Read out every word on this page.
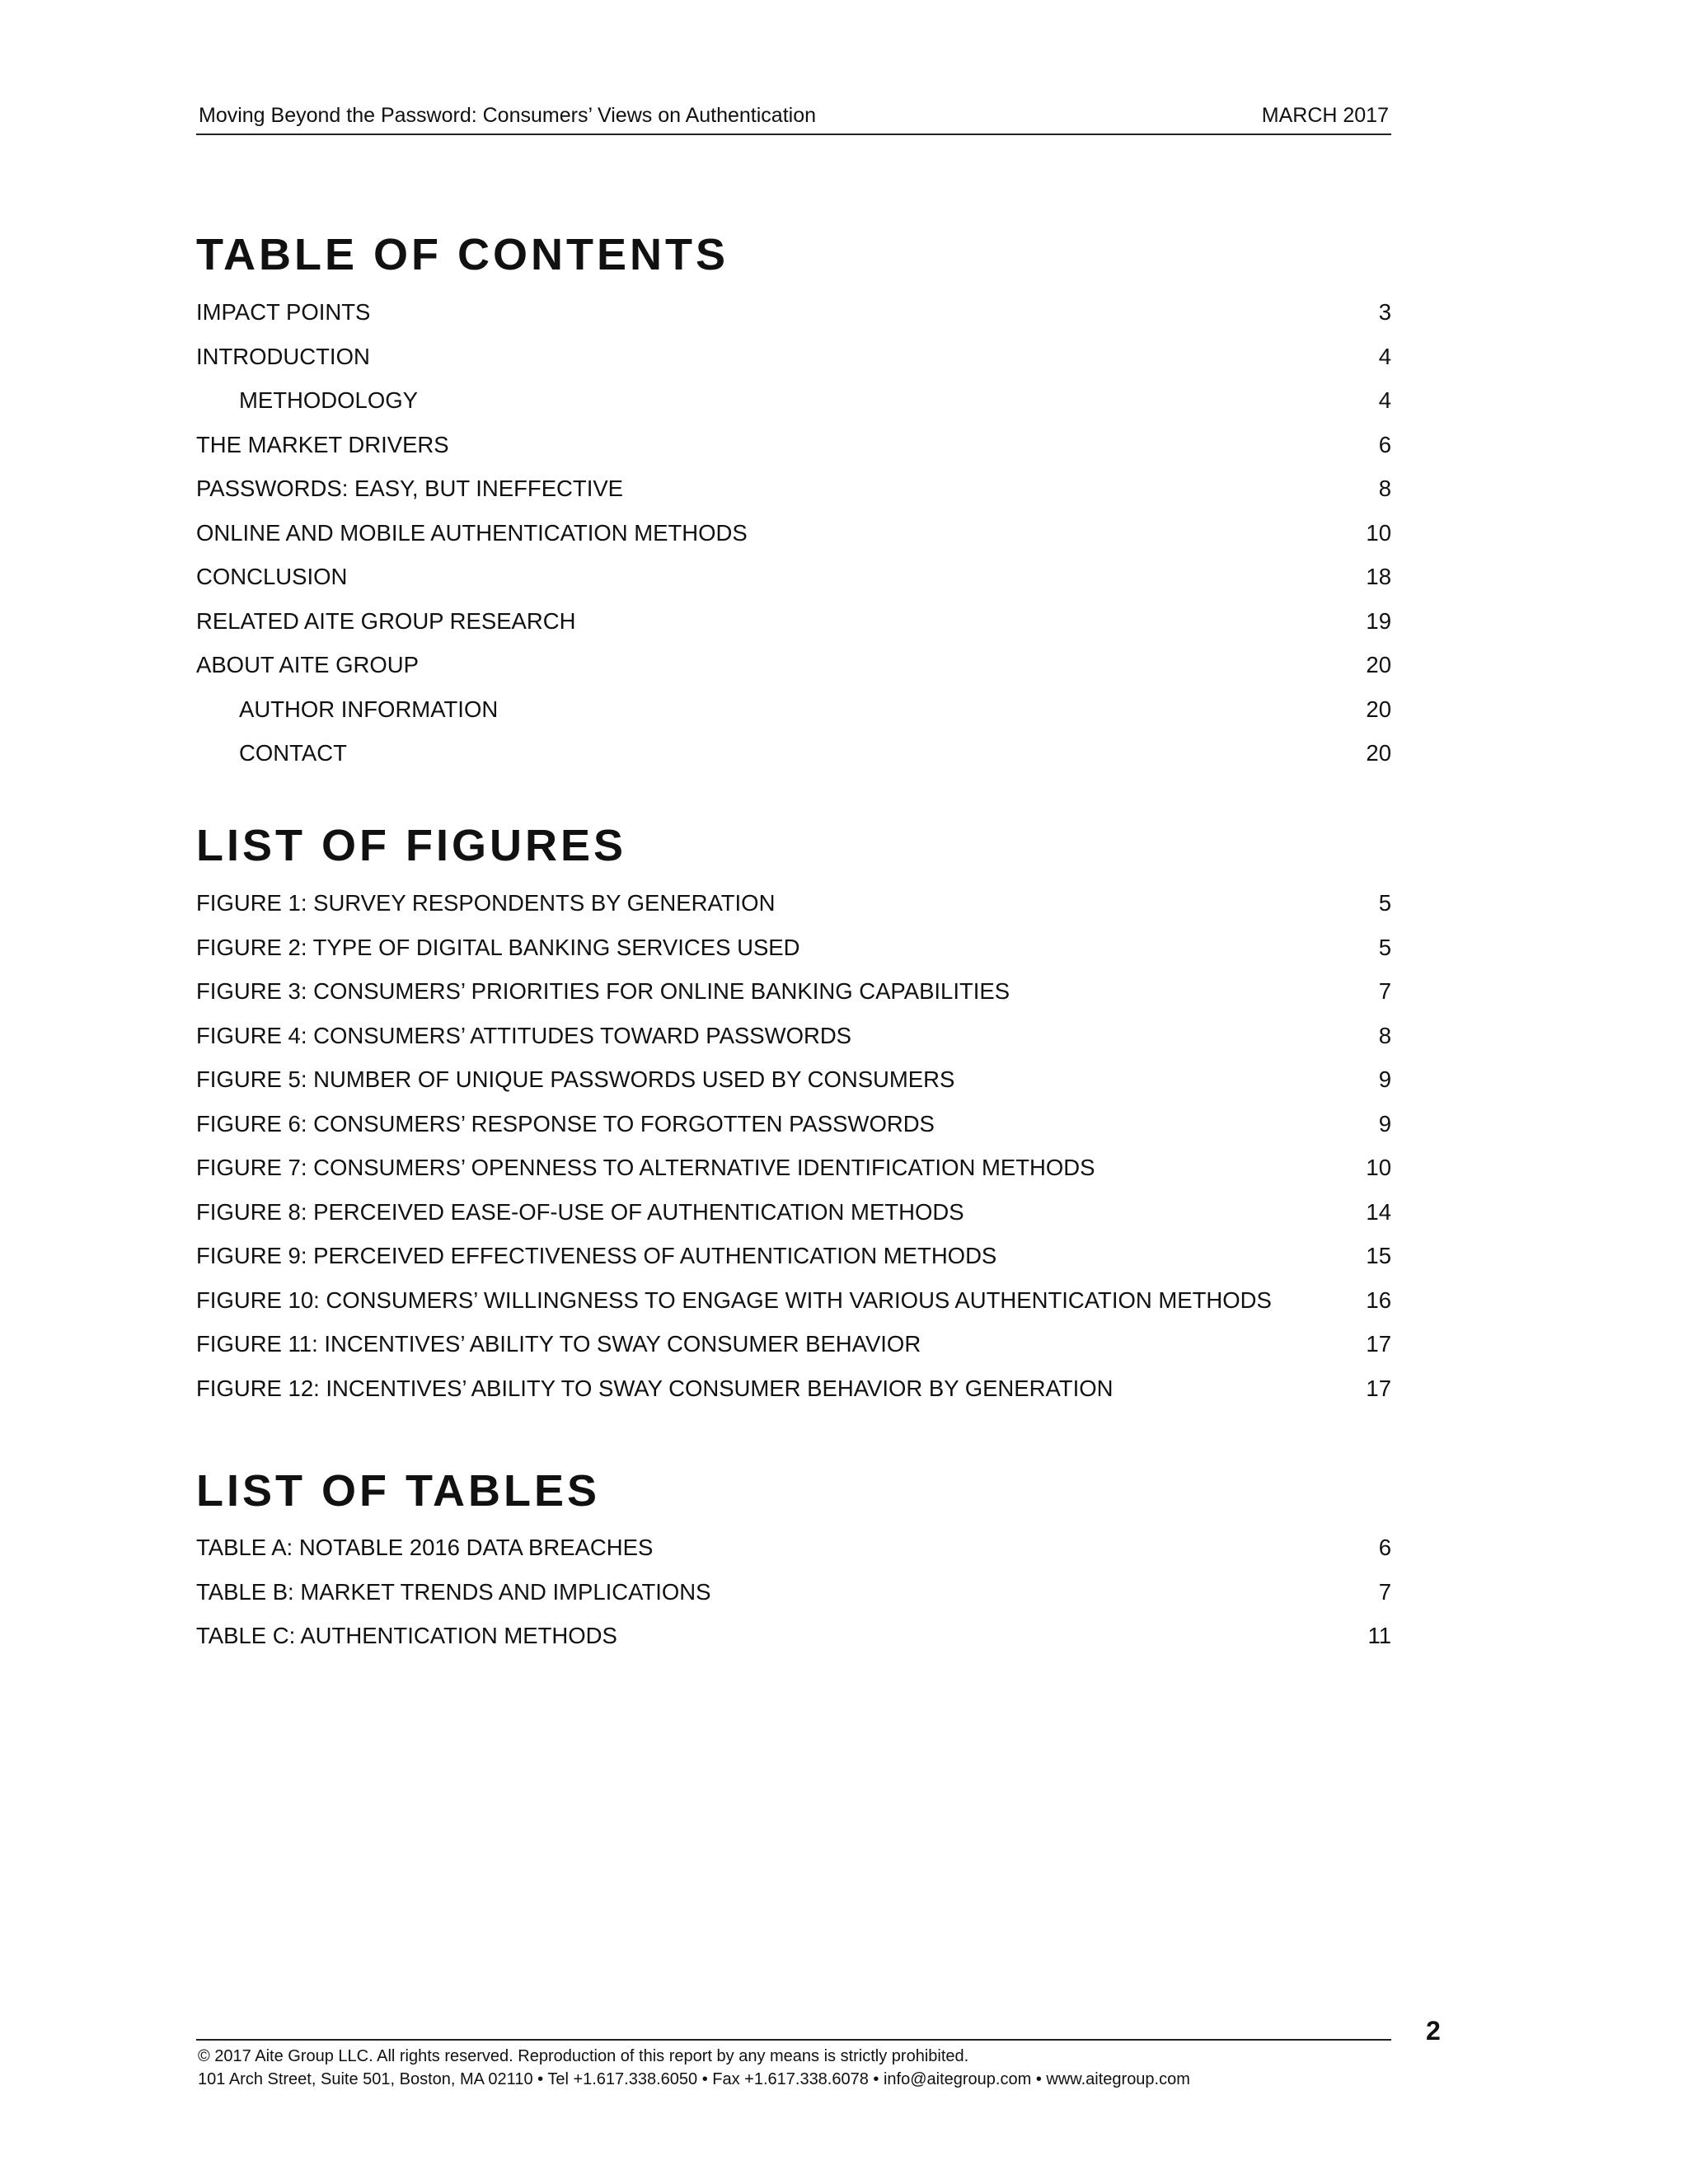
Moving Beyond the Password: Consumers’ Views on Authentication	MARCH 2017
TABLE OF CONTENTS
IMPACT POINTS .....	3
INTRODUCTION .....	4
METHODOLOGY .....	4
THE MARKET DRIVERS .....	6
PASSWORDS: EASY, BUT INEFFECTIVE .....	8
ONLINE AND MOBILE AUTHENTICATION METHODS .....	10
CONCLUSION .....	18
RELATED AITE GROUP RESEARCH .....	19
ABOUT AITE GROUP .....	20
AUTHOR INFORMATION .....	20
CONTACT .....	20
LIST OF FIGURES
FIGURE 1: SURVEY RESPONDENTS BY GENERATION .....	5
FIGURE 2: TYPE OF DIGITAL BANKING SERVICES USED .....	5
FIGURE 3: CONSUMERS’ PRIORITIES FOR ONLINE BANKING CAPABILITIES .....	7
FIGURE 4: CONSUMERS’ ATTITUDES TOWARD PASSWORDS .....	8
FIGURE 5: NUMBER OF UNIQUE PASSWORDS USED BY CONSUMERS .....	9
FIGURE 6: CONSUMERS’ RESPONSE TO FORGOTTEN PASSWORDS .....	9
FIGURE 7: CONSUMERS’ OPENNESS TO ALTERNATIVE IDENTIFICATION METHODS .....	10
FIGURE 8: PERCEIVED EASE-OF-USE OF AUTHENTICATION METHODS .....	14
FIGURE 9: PERCEIVED EFFECTIVENESS OF AUTHENTICATION METHODS .....	15
FIGURE 10: CONSUMERS’ WILLINGNESS TO ENGAGE WITH VARIOUS AUTHENTICATION METHODS .....	16
FIGURE 11: INCENTIVES’ ABILITY TO SWAY CONSUMER BEHAVIOR .....	17
FIGURE 12: INCENTIVES’ ABILITY TO SWAY CONSUMER BEHAVIOR BY GENERATION .....	17
LIST OF TABLES
TABLE A: NOTABLE 2016 DATA BREACHES .....	6
TABLE B: MARKET TRENDS AND IMPLICATIONS .....	7
TABLE C: AUTHENTICATION METHODS .....	11
2
© 2017 Aite Group LLC. All rights reserved. Reproduction of this report by any means is strictly prohibited.
101 Arch Street, Suite 501, Boston, MA 02110 • Tel +1.617.338.6050 • Fax +1.617.338.6078 • info@aitegroup.com • www.aitegroup.com
